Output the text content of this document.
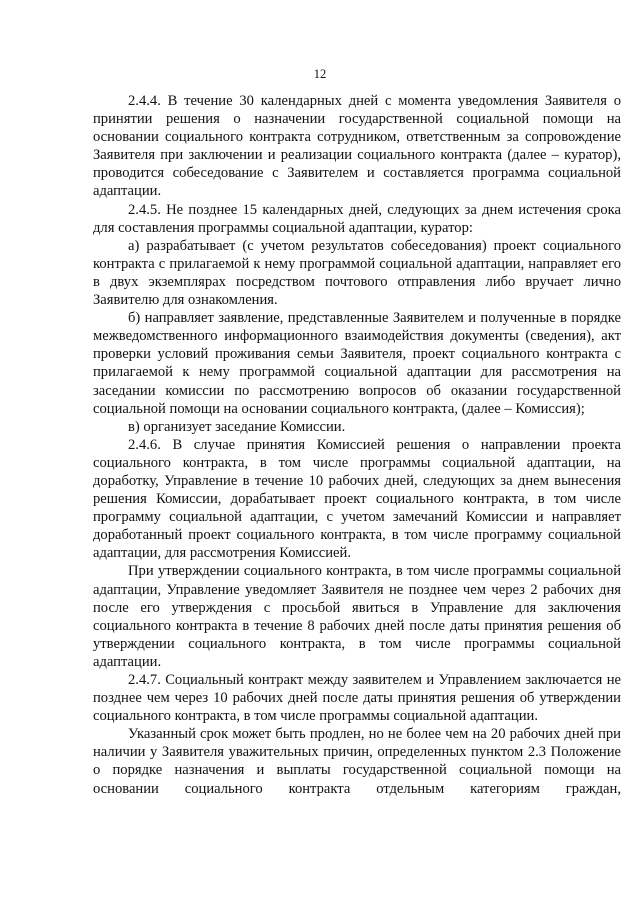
12

2.4.4. В течение 30 календарных дней с момента уведомления Заявителя о принятии решения о назначении государственной социальной помощи на основании социального контракта сотрудником, ответственным за сопровождение Заявителя при заключении и реализации социального контракта (далее – куратор), проводится собеседование с Заявителем и составляется программа социальной адаптации.

2.4.5. Не позднее 15 календарных дней, следующих за днем истечения срока для составления программы социальной адаптации, куратор:

а) разрабатывает (с учетом результатов собеседования) проект социального контракта с прилагаемой к нему программой социальной адаптации, направляет его в двух экземплярах посредством почтового отправления либо вручает лично Заявителю для ознакомления.

б) направляет заявление, представленные Заявителем и полученные в порядке межведомственного информационного взаимодействия документы (сведения), акт проверки условий проживания семьи Заявителя, проект социального контракта с прилагаемой к нему программой социальной адаптации для рассмотрения на заседании комиссии по рассмотрению вопросов об оказании государственной социальной помощи на основании социального контракта, (далее – Комиссия);

в) организует заседание Комиссии.

2.4.6. В случае принятия Комиссией решения о направлении проекта социального контракта, в том числе программы социальной адаптации, на доработку, Управление в течение 10 рабочих дней, следующих за днем вынесения решения Комиссии, дорабатывает проект социального контракта, в том числе программу социальной адаптации, с учетом замечаний Комиссии и направляет доработанный проект социального контракта, в том числе программу социальной адаптации, для рассмотрения Комиссией.

При утверждении социального контракта, в том числе программы социальной адаптации, Управление уведомляет Заявителя не позднее чем через 2 рабочих дня после его утверждения с просьбой явиться в Управление для заключения социального контракта в течение 8 рабочих дней после даты принятия решения об утверждении социального контракта, в том числе программы социальной адаптации.

2.4.7. Социальный контракт между заявителем и Управлением заключается не позднее чем через 10 рабочих дней после даты принятия решения об утверждении социального контракта, в том числе программы социальной адаптации.

Указанный срок может быть продлен, но не более чем на 20 рабочих дней при наличии у Заявителя уважительных причин, определенных пунктом 2.3 Положение о порядке назначения и выплаты государственной социальной помощи на основании социального контракта отдельным категориям граждан,
